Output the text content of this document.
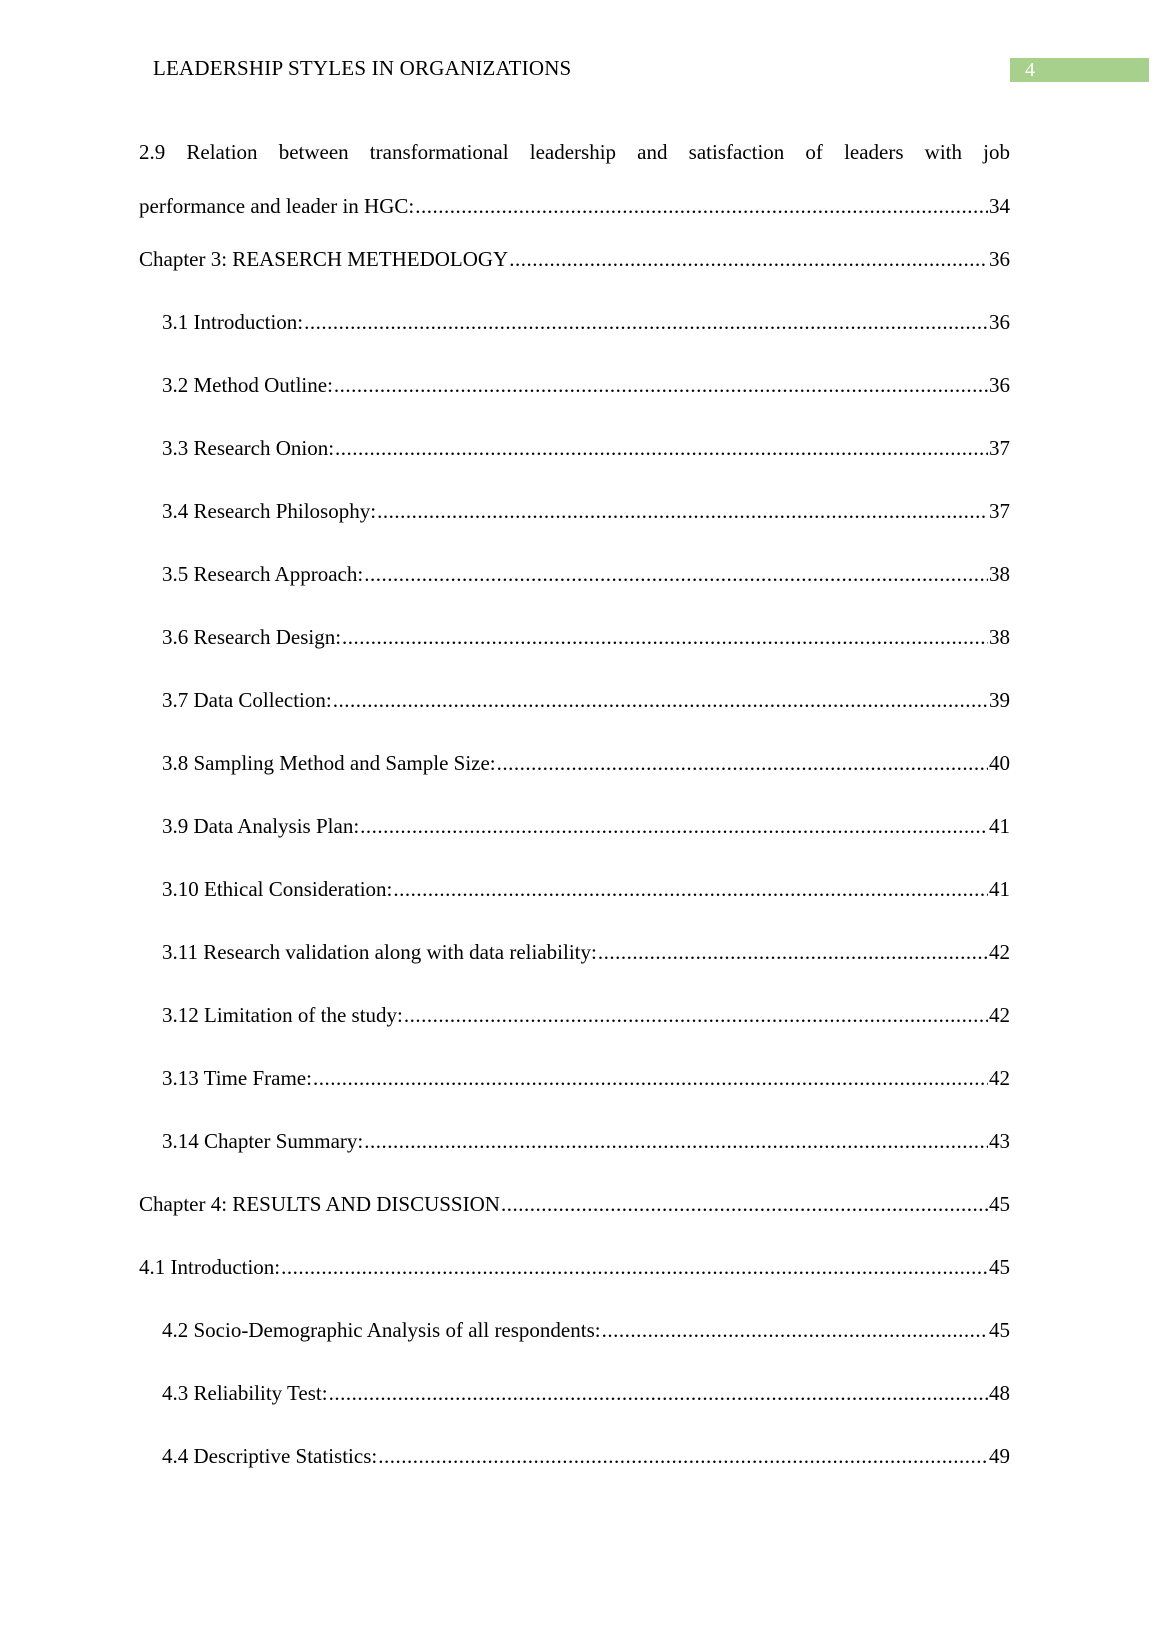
LEADERSHIP STYLES IN ORGANIZATIONS	4
2.9 Relation between transformational leadership and satisfaction of leaders with job
performance and leader in HGC: .....	34
Chapter 3: REASERCH METHEDOLOGY .....	36
3.1 Introduction: .....	36
3.2 Method Outline: .....	36
3.3 Research Onion: .....	37
3.4 Research Philosophy: .....	37
3.5 Research Approach: .....	38
3.6 Research Design: .....	38
3.7 Data Collection: .....	39
3.8 Sampling Method and Sample Size: .....	40
3.9 Data Analysis Plan: .....	41
3.10 Ethical Consideration: .....	41
3.11 Research validation along with data reliability: .....	42
3.12 Limitation of the study: .....	42
3.13 Time Frame: .....	42
3.14 Chapter Summary: .....	43
Chapter 4: RESULTS AND DISCUSSION .....	45
4.1 Introduction: .....	45
4.2 Socio-Demographic Analysis of all respondents: .....	45
4.3 Reliability Test: .....	48
4.4 Descriptive Statistics: .....	49
